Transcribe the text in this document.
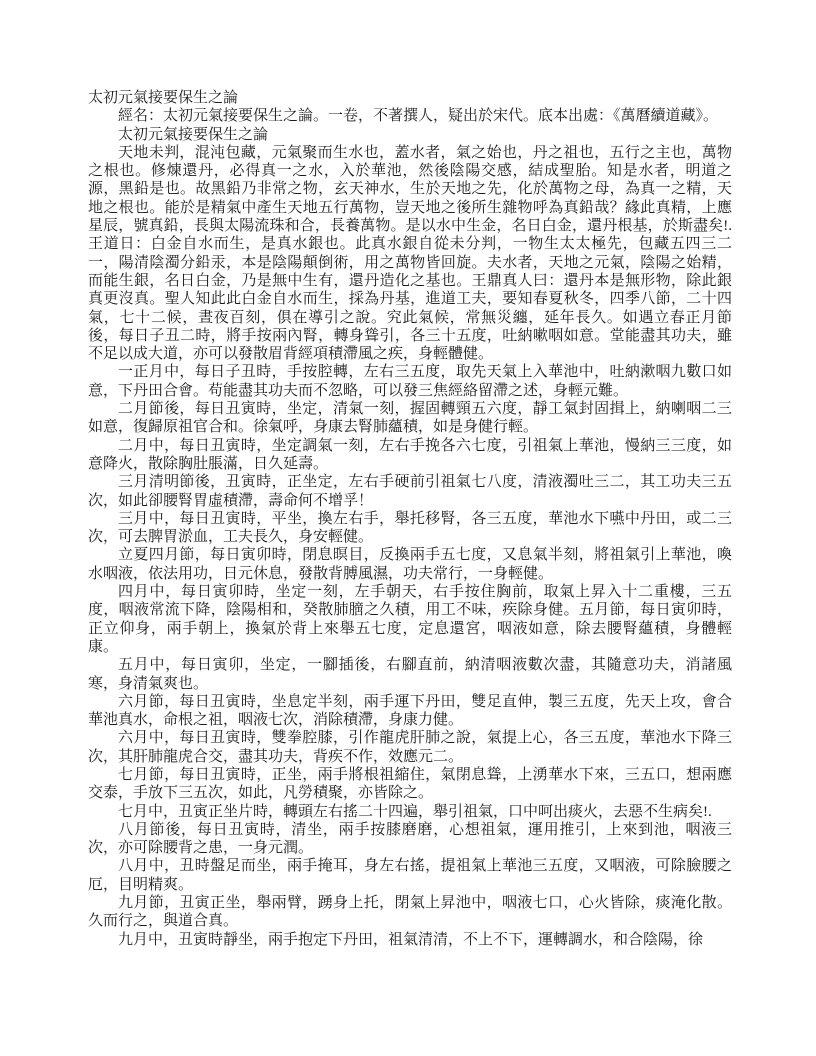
太初元氣接要保生之論

經名：太初元氣接要保生之論。一卷，不著撰人，疑出於宋代。底本出處：《萬曆續道藏》。

太初元氣接要保生之論

天地未判，混沌包藏，元氣聚而生水也，蓋水者，氣之始也，丹之祖也，五行之主也，萬物之根也。修煉還丹，必得真一之水，入於華池，然後陰陽交感，結成聖胎。知是水者，明道之源，黑鉛是也。故黑鉛乃非常之物，玄天神水，生於天地之先，化於萬物之母，為真一之精，天地之根也。能於是精氣中產生天地五行萬物，豈天地之後所生雜物呼為真鉛哉？緣此真精，上應星辰，號真鉛，長與太陽流珠和合，長養萬物。是以水中生金，名日白金，還丹根基，於斯盡矣!. 王道日：白金自水而生，是真水銀也。此真水銀自從未分判，一物生太太極先，包藏五四三二一，陽清陰濁分鉛汞，本是陰陽顛倒術，用之萬物皆回旋。夫水者，天地之元氣，陰陽之始精，而能生銀，名日白金，乃是無中生有，還丹造化之基也。王鼎真人曰：還丹本是無形物，除此銀真更沒真。聖人知此此白金自水而生，採為丹基，進道工夫，要知春夏秋冬，四季八節，二十四氣，七十二候，晝夜百刻，俱在導引之說。究此氣候，常無災纏，延年長久。如遇立春正月節後，每日子丑二時，將手按兩內腎，轉身聳引，各三十五度，吐納嗽咽如意。堂能盡其功夫，雖不足以成大道，亦可以發散眉背經項積滯風之疾，身輕體健。

一正月中，每日子丑時，手按腔轉，左右三五度，取先天氣上入華池中，吐納漱咽九數口如意，下丹田合會。苟能盡其功夫而不忽略，可以發三焦經絡留滯之述，身輕元難。

二月節後，每日丑寅時，坐定，清氣一刻，握固轉頸五六度，靜工氣封固揖上，納喇咽二三如意，復歸原祖官合和。徐氣呼，身康去腎肺蘊積，如是身健行輕。

二月中，每日丑寅時，坐定調氣一刻，左右手挽各六七度，引祖氣上華池，慢納三三度，如意降火，散除胸肚脹滿，日久延壽。

三月清明節後，丑寅時，正坐定，左右手硬前引祖氣七八度，清液濁吐三二，其工功夫三五次，如此卻腰腎胃虛積滯，壽命何不增孚！

三月中，每日丑寅時，平坐，換左右手，舉托移腎，各三五度，華池水下嚥中丹田，或二三次，可去脾胃淤血，工夫長久，身安輕健。

立夏四月節，每日寅卯時，閉息暝目，反換兩手五七度，又息氣半刻，將祖氣引上華池，喚水咽液，依法用功，日元休息，發散背膊風濕，功夫常行，一身輕健。

四月中，每日寅卯時，坐定一刻，左手朝天，右手按住胸前，取氣上昇入十二重樓，三五度，咽液常流下降，陰陽相和，癸散肺膪之久積，用工不味，疾除身健。五月節，每日寅卯時，正立仰身，兩手朝上，換氣於背上來舉五七度，定息還宮，咽液如意，除去腰腎蘊積，身體輕康。

五月中，每日寅卯，坐定，一腳插後，右腳直前，納清咽液數次盡，其隨意功夫，消諸風寒，身清氣爽也。

六月節，每日丑寅時，坐息定半刻，兩手運下丹田，雙足直伸，製三五度，先天上攻，會合華池真水，命根之祖，咽液七次，消除積滯，身康力健。

六月中，每日丑寅時，雙拳腔膝，引作龍虎肝肺之說，氣提上心，各三五度，華池水下降三次，其肝肺龍虎合交，盡其功夫，背疾不作，效應元二。

七月節，每日丑寅時，正坐，兩手將根祖縮住，氣閉息聳，上湧華水下來，三五口，想兩應交泰，手放下三五次，如此，凡勞積聚，亦皆除之。

七月中，丑寅正坐片時，轉頭左右搖二十四遍，舉引祖氣，口中呵出痰火，去惡不生病矣!.

八月節後，每日丑寅時，清坐，兩手按膝磨磨，心想祖氣，運用推引，上來到池，咽液三次，亦可除腰背之患，一身元潤。

八月中，丑時盤足而坐，兩手掩耳，身左右搖，提祖氣上華池三五度，又咽液，可除臉腰之厄，目明精爽。

九月節，丑寅正坐，舉兩臂，踴身上托，閉氣上昇池中，咽液七口，心火皆除，痰淹化散。久而行之，與道合真。

九月中，丑寅時靜坐，兩手抱定下丹田，祖氣清清，不上不下，運轉調水，和合陰陽，徐
